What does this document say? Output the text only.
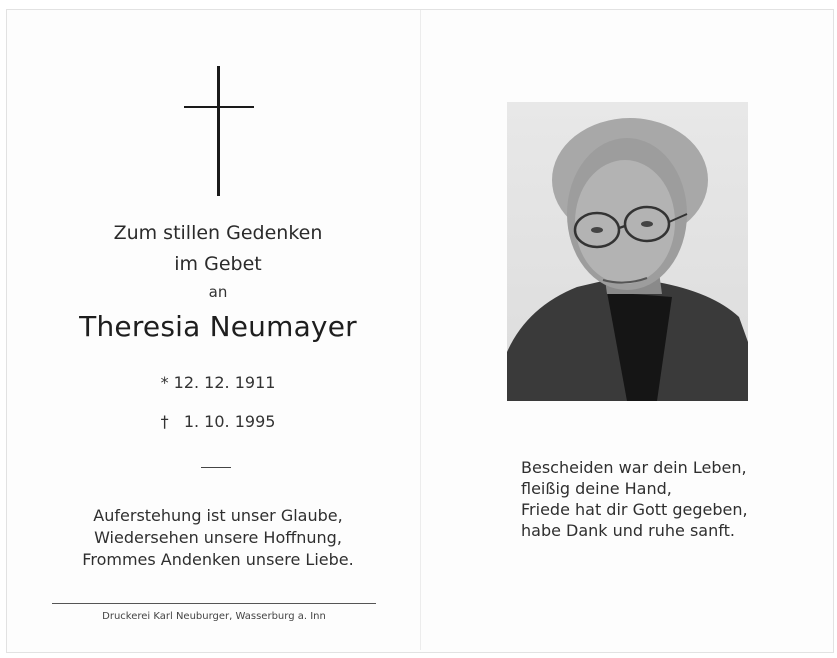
Zum stillen Gedenken
im Gebet
an
Theresia Neumayer
* 12. 12. 1911
† 1. 10. 1995
Auferstehung ist unser Glaube,
Wiedersehen unsere Hoffnung,
Frommes Andenken unsere Liebe.
Druckerei Karl Neuburger, Wasserburg a. Inn
Bescheiden war dein Leben,
fleißig deine Hand,
Friede hat dir Gott gegeben,
habe Dank und ruhe sanft.
